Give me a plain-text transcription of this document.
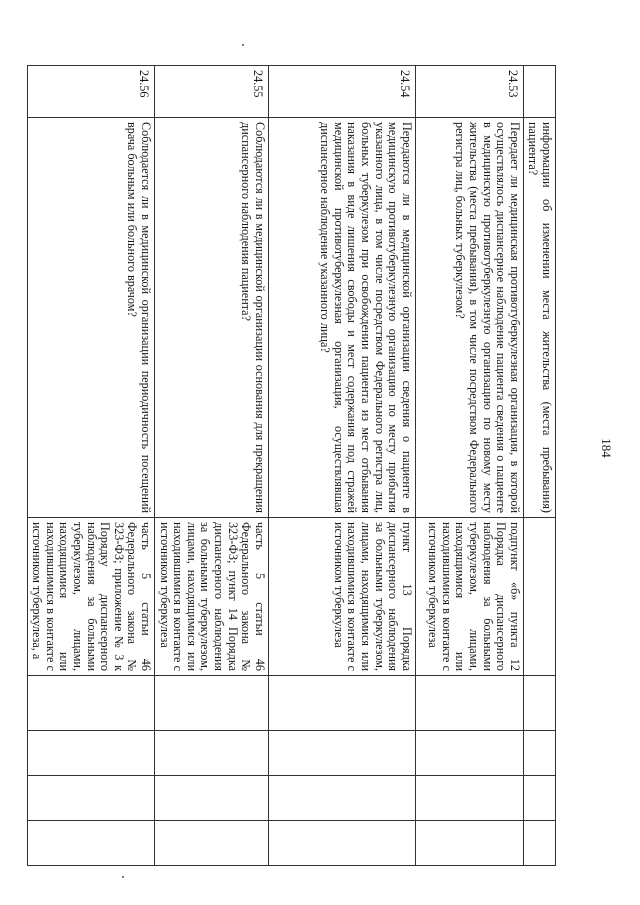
184
	информации об изменении места жительства (места пребывания) пациента?					
24.53	Передает ли медицинская противотуберкулезная организация, в которой осуществлялось диспансерное наблюдение пациента сведения о пациенте в медицинскую противотуберкулезную организацию по новому месту жительства (места пребывания), в том числе посредством Федерального регистра лиц, больных туберкулезом?	подпункт «б» пункта 12 Порядка диспансерного наблюдения за больными туберкулезом, лицами, находящимися или находившимися в контакте с источником туберкулеза				
24.54	Передаются ли в медицинской организации сведения о пациенте в медицинскую противотуберкулезную организацию по месту прибытия указанного лица, в том числе посредством Федерального регистра лиц, больных туберкулезом при освобождении пациента из мест отбывания наказания в виде лишения свободы и мест содержания под стражей медицинской противотуберкулезная организация, осуществлявшая диспансерное наблюдение указанного лица?	пункт 13 Порядка диспансерного наблюдения за больными туберкулезом, лицами, находящимися или находившимися в контакте с источником туберкулеза				
24.55	Соблюдаются ли в медицинской организации основания для прекращения диспансерного наблюдения пациента?	часть 5 статьи 46 Федерального закона № 323-ФЗ; пункт 14 Порядка диспансерного наблюдения за больными туберкулезом, лицами, находящимися или находившимися в контакте с источником туберкулеза				
24.56	Соблюдается ли в медицинской организации периодичность посещений врача больным или больного врачом?	часть 5 статьи 46 Федерального закона № 323-ФЗ; приложение № 3 к Порядку диспансерного наблюдения за больными туберкулезом, лицами, находящимися или находившимися в контакте с источником туберкулеза, а				
